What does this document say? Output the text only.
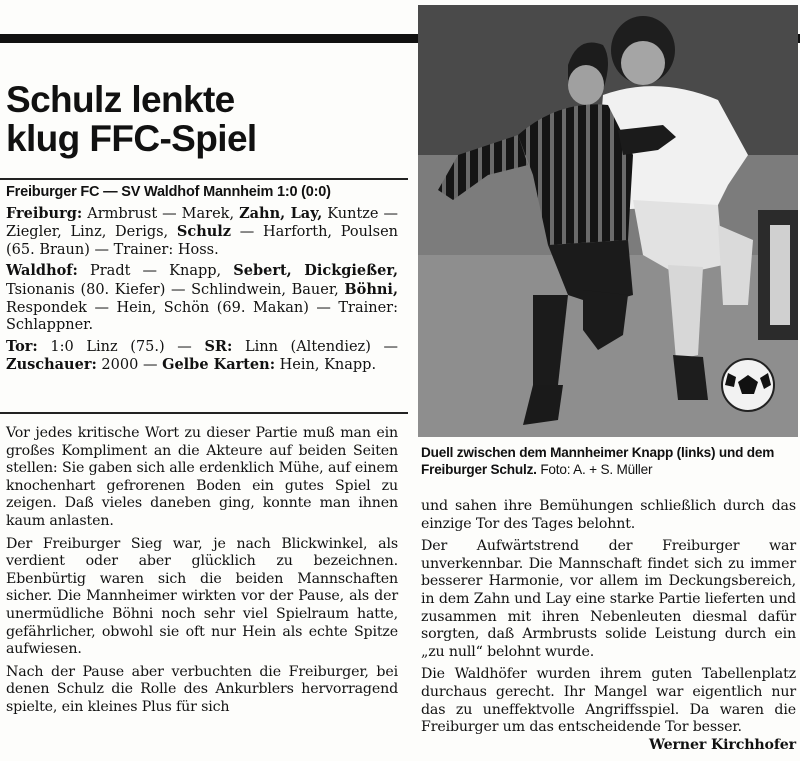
Schulz lenkte
klug FFC-Spiel

Freiburger FC — SV Waldhof Mannheim 1:0 (0:0)

Freiburg: Armbrust — Marek, Zahn, Lay, Kuntze — Ziegler, Linz, Derigs, Schulz — Harforth, Poulsen (65. Braun) — Trainer: Hoss.

Waldhof: Pradt — Knapp, Sebert, Dickgießer, Tsionanis (80. Kiefer) — Schlindwein, Bauer, Böhni, Respondek — Hein, Schön (69. Makan) — Trainer: Schlappner.

Tor: 1:0 Linz (75.) — SR: Linn (Altendiez) — Zuschauer: 2000 — Gelbe Karten: Hein, Knapp.

Vor jedes kritische Wort zu dieser Partie muß man ein großes Kompliment an die Akteure auf beiden Seiten stellen: Sie gaben sich alle erdenklich Mühe, auf einem knochenhart gefrorenen Boden ein gutes Spiel zu zeigen. Daß vieles daneben ging, konnte man ihnen kaum anlasten.

Der Freiburger Sieg war, je nach Blickwinkel, als verdient oder aber glücklich zu bezeichnen. Ebenbürtig waren sich die beiden Mannschaften sicher. Die Mannheimer wirkten vor der Pause, als der unermüdliche Böhni noch sehr viel Spielraum hatte, gefährlicher, obwohl sie oft nur Hein als echte Spitze aufwiesen.

Nach der Pause aber verbuchten die Freiburger, bei denen Schulz die Rolle des Ankurblers hervorragend spielte, ein kleines Plus für sich

Duell zwischen dem Mannheimer Knapp (links) und dem Freiburger Schulz. Foto: A. + S. Müller

und sahen ihre Bemühungen schließlich durch das einzige Tor des Tages belohnt.

Der Aufwärtstrend der Freiburger war unverkennbar. Die Mannschaft findet sich zu immer besserer Harmonie, vor allem im Deckungsbereich, in dem Zahn und Lay eine starke Partie lieferten und zusammen mit ihren Nebenleuten diesmal dafür sorgten, daß Armbrusts solide Leistung durch ein „zu null“ belohnt wurde.

Die Waldhöfer wurden ihrem guten Tabellenplatz durchaus gerecht. Ihr Mangel war eigentlich nur das zu uneffektvolle Angriffsspiel. Da waren die Freiburger um das entscheidende Tor besser.
Werner Kirchhofer
